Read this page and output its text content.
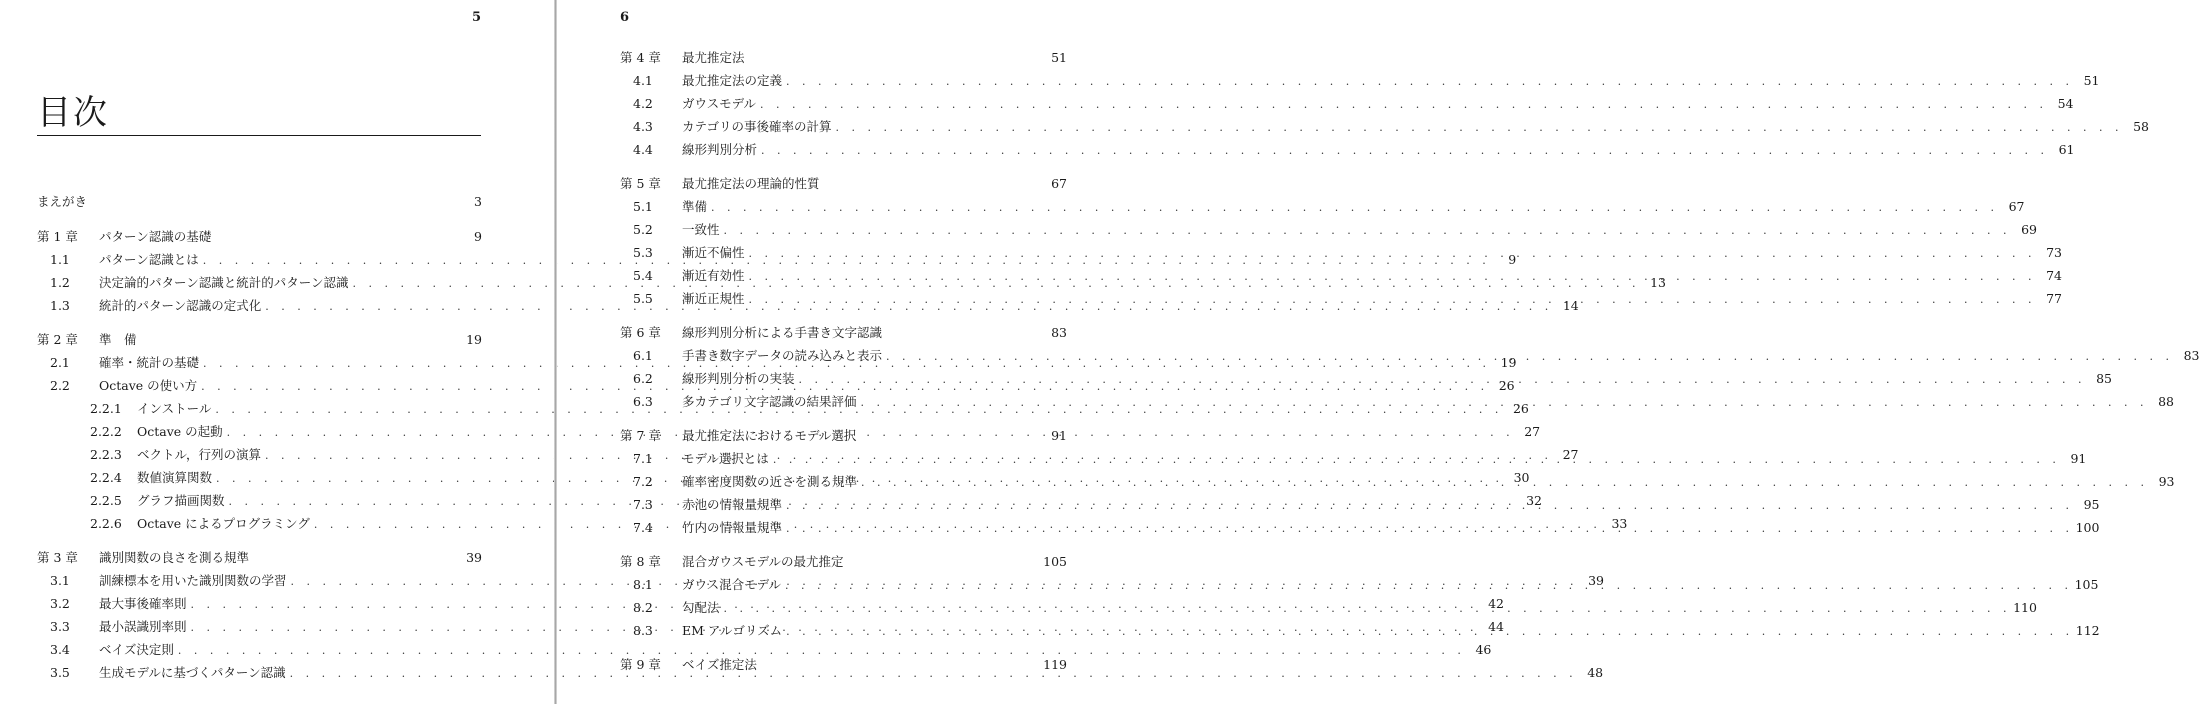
5
目次
まえがき	3
第 1 章	パターン認識の基礎	9
1.1	パターン認識とは . . .	9
1.2	決定論的パターン認識と統計的パターン認識 . . .	13
1.3	統計的パターン認識の定式化 . . .	14
第 2 章	準　備	19
2.1	確率・統計の基礎 . . .	19
2.2	Octave の使い方 . . .	26
2.2.1	インストール . . .	26
2.2.2	Octave の起動 . . .	27
2.2.3	ベクトル，行列の演算 . . .	27
2.2.4	数値演算関数 . . .	30
2.2.5	グラフ描画関数 . . .	32
2.2.6	Octave によるプログラミング . . .	33
第 3 章	識別関数の良さを測る規準	39
3.1	訓練標本を用いた識別関数の学習 . . .	39
3.2	最大事後確率則 . . .	42
3.3	最小誤識別率則 . . .	44
3.4	ベイズ決定則 . . .	46
3.5	生成モデルに基づくパターン認識 . . .	48
6
第 4 章	最尤推定法	51
4.1	最尤推定法の定義 . . .	51
4.2	ガウスモデル . . .	54
4.3	カテゴリの事後確率の計算 . . .	58
4.4	線形判別分析 . . .	61
第 5 章	最尤推定法の理論的性質	67
5.1	準備 . . .	67
5.2	一致性 . . .	69
5.3	漸近不偏性 . . .	73
5.4	漸近有効性 . . .	74
5.5	漸近正規性 . . .	77
第 6 章	線形判別分析による手書き文字認識	83
6.1	手書き数字データの読み込みと表示 . . .	83
6.2	線形判別分析の実装 . . .	85
6.3	多カテゴリ文字認識の結果評価 . . .	88
第 7 章	最尤推定法におけるモデル選択	91
7.1	モデル選択とは . . .	91
7.2	確率密度関数の近さを測る規準 . . .	93
7.3	赤池の情報量規準 . . .	95
7.4	竹内の情報量規準 . . .	100
第 8 章	混合ガウスモデルの最尤推定	105
8.1	ガウス混合モデル . . .	105
8.2	勾配法 . . .	110
8.3	EM アルゴリズム . . .	112
第 9 章	ベイズ推定法	119
